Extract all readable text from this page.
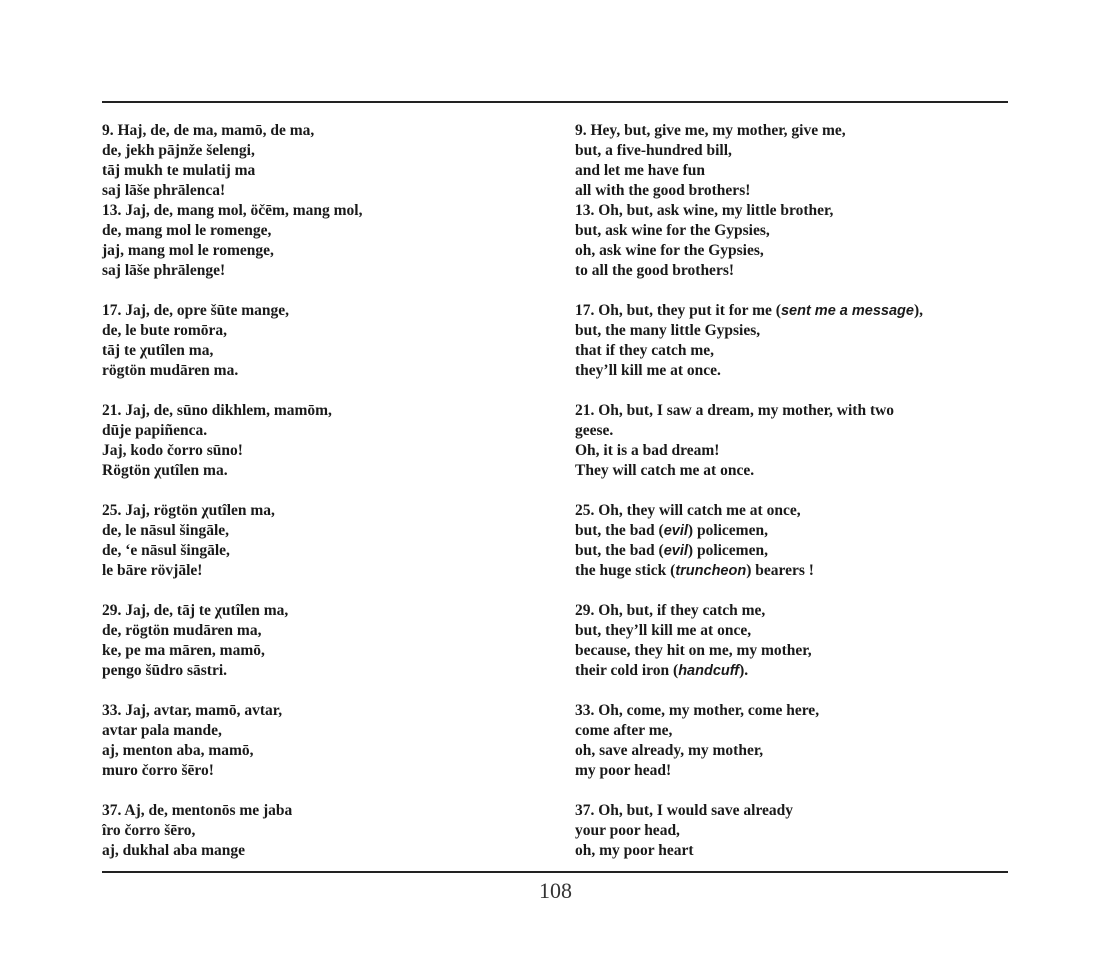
9. Haj, de, de ma, mamō, de ma,
de, jekh pājnže šelengi,
tāj mukh te mulatij ma
saj lāše phrālenca!
13. Jaj, de, mang mol, öčēm, mang mol,
de, mang mol le romenge,
jaj, mang mol le romenge,
saj lāše phrālenge!
17. Jaj, de, opre šūte mange,
de, le bute romōra,
tāj te χutîlen ma,
rögtön mudāren ma.
21. Jaj, de, sūno dikhlem, mamōm,
dūje papiñenca.
Jaj, kodo čorro sūno!
Rögtön χutîlen ma.
25. Jaj, rögtön χutîlen ma,
de, le nāsul šingāle,
de, ‘e nāsul šingāle,
le bāre rövjāle!
29. Jaj, de, tāj te χutîlen ma,
de, rögtön mudāren ma,
ke, pe ma māren, mamō,
pengo šūdro sāstri.
33. Jaj, avtar, mamō, avtar,
avtar pala mande,
aj, menton aba, mamō,
muro čorro šēro!
37. Aj, de, mentonōs me jaba
îro čorro šēro,
aj, dukhal aba mange
9. Hey, but, give me, my mother, give me,
but, a five-hundred bill,
and let me have fun
all with the good brothers!
13. Oh, but, ask wine, my little brother,
but, ask wine for the Gypsies,
oh, ask wine for the Gypsies,
to all the good brothers!
17. Oh, but, they put it for me (sent me a message),
but, the many little Gypsies,
that if they catch me,
they’ll kill me at once.
21. Oh, but, I saw a dream, my mother, with two
geese.
Oh, it is a bad dream!
They will catch me at once.
25. Oh, they will catch me at once,
but, the bad (evil) policemen,
but, the bad (evil) policemen,
the huge stick (truncheon) bearers !
29. Oh, but, if they catch me,
but, they’ll kill me at once,
because, they hit on me, my mother,
their cold iron (handcuff).
33. Oh, come, my mother, come here,
come after me,
oh, save already, my mother,
my poor head!
37. Oh, but, I would save already
your poor head,
oh, my poor heart
108
